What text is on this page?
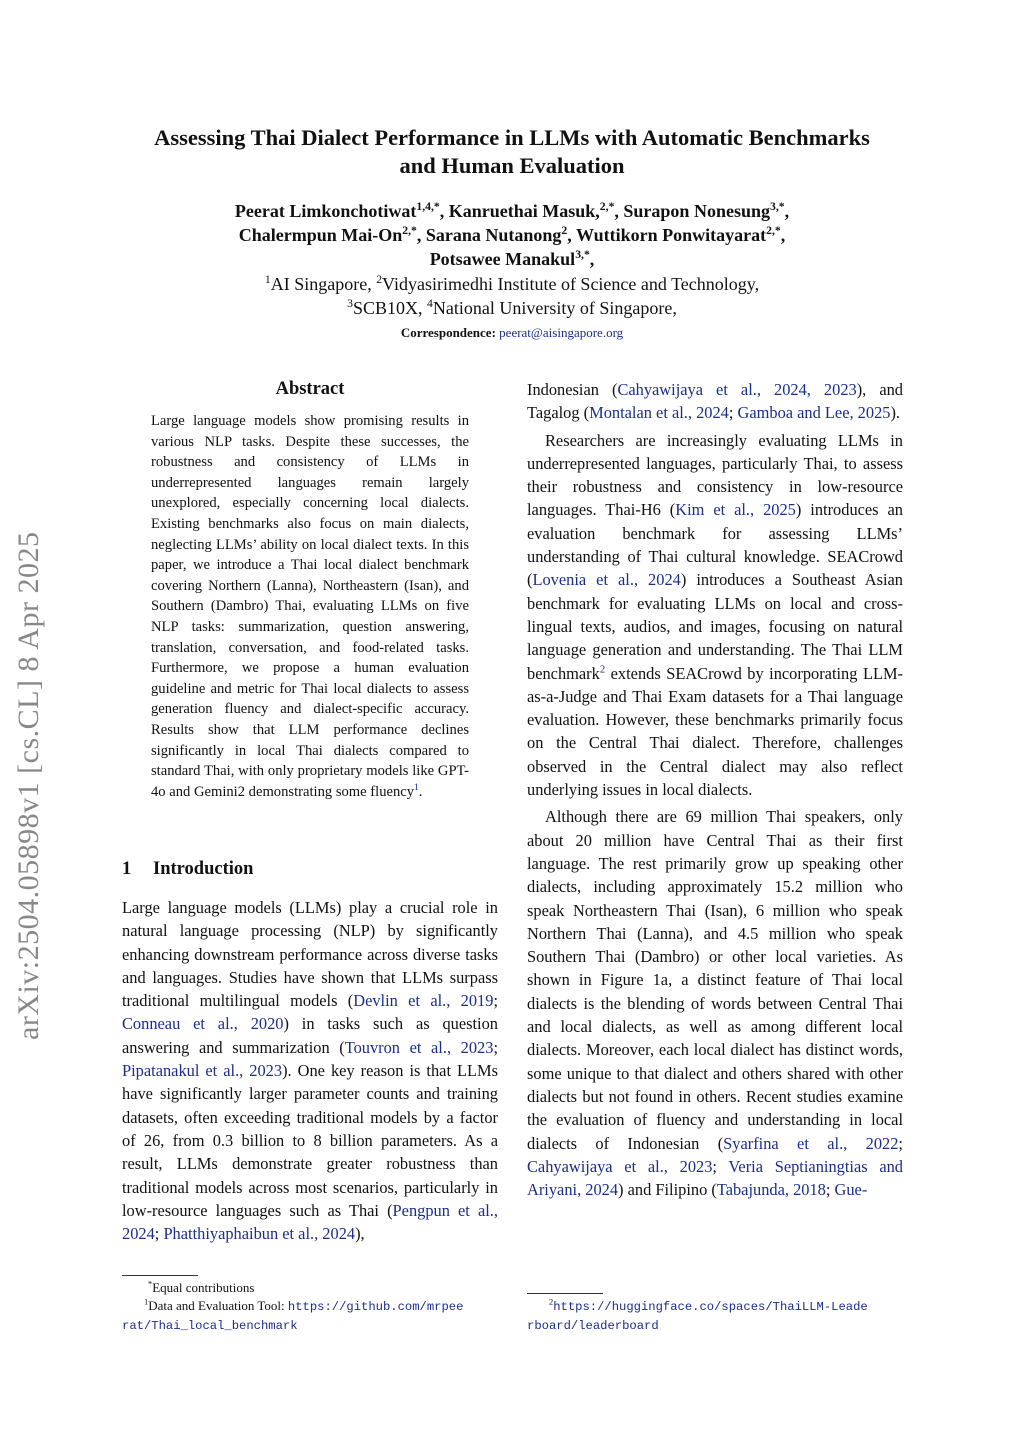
arXiv:2504.05898v1 [cs.CL] 8 Apr 2025
Assessing Thai Dialect Performance in LLMs with Automatic Benchmarks
and Human Evaluation
Peerat Limkonchotiwat$^{1,4,*}$, Kanruethai Masuk,$^{2,*}$, Surapon Nonesung$^{3,*}$,
Chalermpun Mai-$On^{2,*}$, Sarana Nutanong$^2$, Wuttikorn Ponwitayarat$^{2,*}$,
Potsawee Manakul$^{3,*}$,
$^1$AI Singapore, $^2$Vidyasirimedhi Institute of Science and Technology,
$^3$SCB10X, $^4$National University of Singapore,
Correspondence: peerat@aisingapore.org
Abstract

Large language models show promising results in various NLP tasks. Despite these successes, the robustness and consistency of LLMs in underrepresented languages remain largely unexplored, especially concerning local dialects. Existing benchmarks also focus on main dialects, neglecting LLMs’ ability on local dialect texts. In this paper, we introduce a Thai local dialect benchmark covering Northern (Lanna), Northeastern (Isan), and Southern (Dambro) Thai, evaluating LLMs on five NLP tasks: summarization, question answering, translation, conversation, and food-related tasks. Furthermore, we propose a human evaluation guideline and metric for Thai local dialects to assess generation fluency and dialect-specific accuracy. Results show that LLM performance declines significantly in local Thai dialects compared to standard Thai, with only proprietary models like GPT-4o and Gemini2 demonstrating some fluency$^1$.

1 Introduction

Large language models (LLMs) play a crucial role in natural language processing (NLP) by significantly enhancing downstream performance across diverse tasks and languages. Studies have shown that LLMs surpass traditional multilingual models (Devlin et al., 2019; Conneau et al., 2020) in tasks such as question answering and summarization (Touvron et al., 2023; Pipatanakul et al., 2023). One key reason is that LLMs have significantly larger parameter counts and training datasets, often exceeding traditional models by a factor of 26, from 0.3 billion to 8 billion parameters. As a result, LLMs demonstrate greater robustness than traditional models across most scenarios, particularly in low-resource languages such as Thai (Pengpun et al., 2024; Phatthiyaphaibun et al., 2024),

Indonesian (Cahyawijaya et al., 2024, 2023), and Tagalog (Montalan et al., 2024; Gamboa and Lee, 2025).

Researchers are increasingly evaluating LLMs in underrepresented languages, particularly Thai, to assess their robustness and consistency in low-resource languages. Thai-H6 (Kim et al., 2025) introduces an evaluation benchmark for assessing LLMs’ understanding of Thai cultural knowledge. SEACrowd (Lovenia et al., 2024) introduces a Southeast Asian benchmark for evaluating LLMs on local and cross-lingual texts, audios, and images, focusing on natural language generation and understanding. The Thai LLM benchmark$^2$ extends SEACrowd by incorporating LLM-as-a-Judge and Thai Exam datasets for a Thai language evaluation. However, these benchmarks primarily focus on the Central Thai dialect. Therefore, challenges observed in the Central dialect may also reflect underlying issues in local dialects.

Although there are 69 million Thai speakers, only about 20 million have Central Thai as their first language. The rest primarily grow up speaking other dialects, including approximately 15.2 million who speak Northeastern Thai (Isan), 6 million who speak Northern Thai (Lanna), and 4.5 million who speak Southern Thai (Dambro) or other local varieties. As shown in Figure 1a, a distinct feature of Thai local dialects is the blending of words between Central Thai and local dialects, as well as among different local dialects. Moreover, each local dialect has distinct words, some unique to that dialect and others shared with other dialects but not found in others. Recent studies examine the evaluation of fluency and understanding in local dialects of Indonesian (Syarfina et al., 2022; Cahyawijaya et al., 2023; Veria Septianingtias and Ariyani, 2024) and Filipino (Tabajunda, 2018; Gue-

*Equal contributions

$^1$Data and Evaluation Tool: https://github.com/mrpee

rat/Thai_local_benchmark

$^2$https://huggingface.co/spaces/ThaiLLM-Leade

rboard/leaderboard
